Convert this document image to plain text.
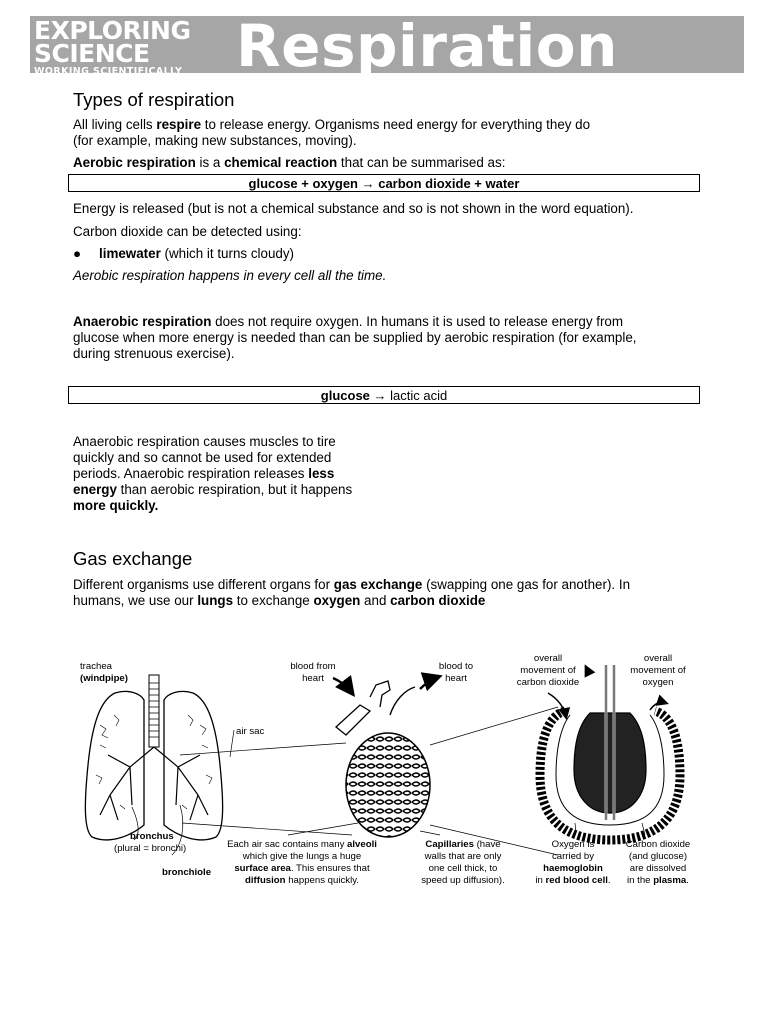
EXPLORING
SCIENCE
WORKING SCIENTIFICALLY Respiration
Types of respiration

All living cells respire to release energy. Organisms need energy for everything they do
(for example, making new substances, moving).

Aerobic respiration is a chemical reaction that can be summarised as:

glucose + oxygen → carbon dioxide + water

Energy is released (but is not a chemical substance and so is not shown in the word equation).

Carbon dioxide can be detected using:

● limewater (which it turns cloudy)

Aerobic respiration happens in every cell all the time.

Anaerobic respiration does not require oxygen. In humans it is used to release energy from
glucose when more energy is needed than can be supplied by aerobic respiration (for example,
during strenuous exercise).

glucose → lactic acid

Anaerobic respiration causes muscles to tire
quickly and so cannot be used for extended
periods. Anaerobic respiration releases less
energy than aerobic respiration, but it happens
more quickly.

Gas exchange

Different organisms use different organs for gas exchange (swapping one gas for another). In
humans, we use our lungs to exchange oxygen and carbon dioxide

trachea
(windpipe)
air sac
bronchus
(plural = bronchi)
bronchiole
blood from
heart
blood to
heart
overall
movement of
carbon dioxide
overall
movement of
oxygen
Each air sac contains many alveoli
which give the lungs a huge
surface area. This ensures that
diffusion happens quickly.
Capillaries (have
walls that are only
one cell thick, to
speed up diffusion).
Oxygen is
carried by
haemoglobin
in red blood cell.
Carbon dioxide
(and glucose)
are dissolved
in the plasma.
